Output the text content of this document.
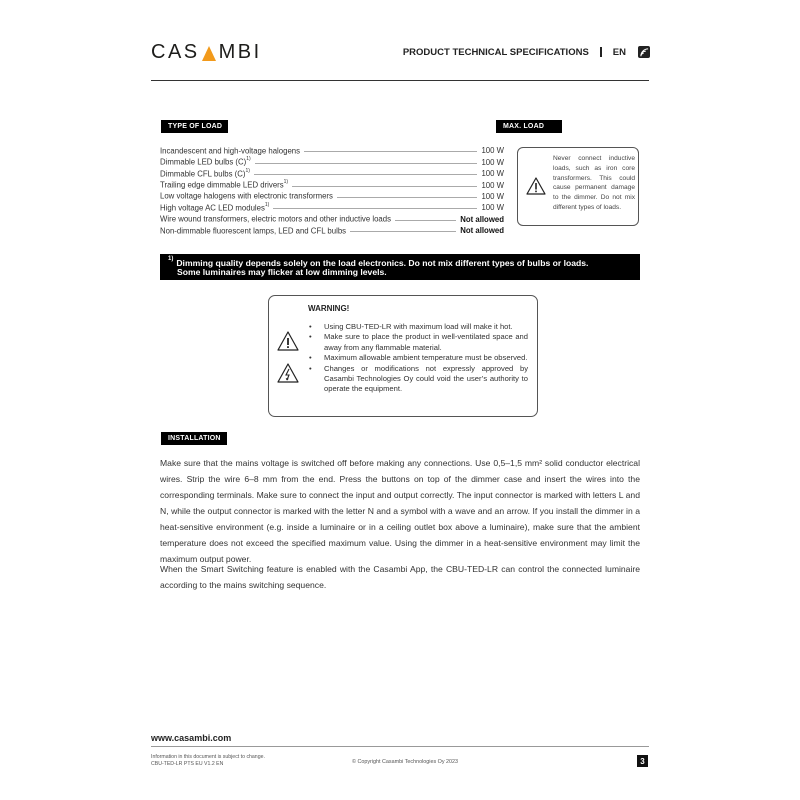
CAS MBI	PRODUCT TECHNICAL SPECIFICATIONS	EN
TYPE OF LOAD	MAX. LOAD
Incandescent and high-voltage halogens	100 W
Dimmable LED bulbs $(C)^{1)}$	100 W
Dimmable CFL bulbs $(C)^{1)}$	100 W
Trailing edge dimmable LED drivers$^{1)}$	100 W
Low voltage halogens with electronic transformers	100 W
High voltage AC LED modules$^{1)}$	100 W
Wire wound transformers, electric motors and other inductive loads	Not allowed
Non-dimmable fluorescent lamps, LED and CFL bulbs	Not allowed
Never connect inductive loads, such as iron core transformers. This could cause permanent damage to the dimmer. Do not mix different types of loads.
$^{1)}$ Dimming quality depends solely on the load electronics. Do not mix different types of bulbs or loads.
Some luminaires may flicker at low dimming levels.
WARNING!
• Using CBU-TED-LR with maximum load will make it hot.
• Make sure to place the product in well-ventilated space and away from any flammable material.
• Maximum allowable ambient temperature must be observed.
• Changes or modifications not expressly approved by Casambi Technologies Oy could void the user’s authority to operate the equipment.
INSTALLATION
Make sure that the mains voltage is switched off before making any connections. Use 0,5–1,5 mm² solid conductor electrical wires. Strip the wire 6–8 mm from the end. Press the buttons on top of the dimmer case and insert the wires into the corresponding terminals. Make sure to connect the input and output correctly. The input connector is marked with letters L and N, while the output connector is marked with the letter N and a symbol with a wave and an arrow. If you install the dimmer in a heat-sensitive environment (e.g. inside a luminaire or in a ceiling outlet box above a luminaire), make sure that the ambient temperature does not exceed the specified maximum value. Using the dimmer in a heat-sensitive environment may limit the maximum output power.
When the Smart Switching feature is enabled with the Casambi App, the CBU-TED-LR can control the connected luminaire according to the mains switching sequence.
www.casambi.com
Information in this document is subject to change.
CBU-TED-LR PTS EU V1.2 EN	© Copyright Casambi Technologies Oy 2023	3
